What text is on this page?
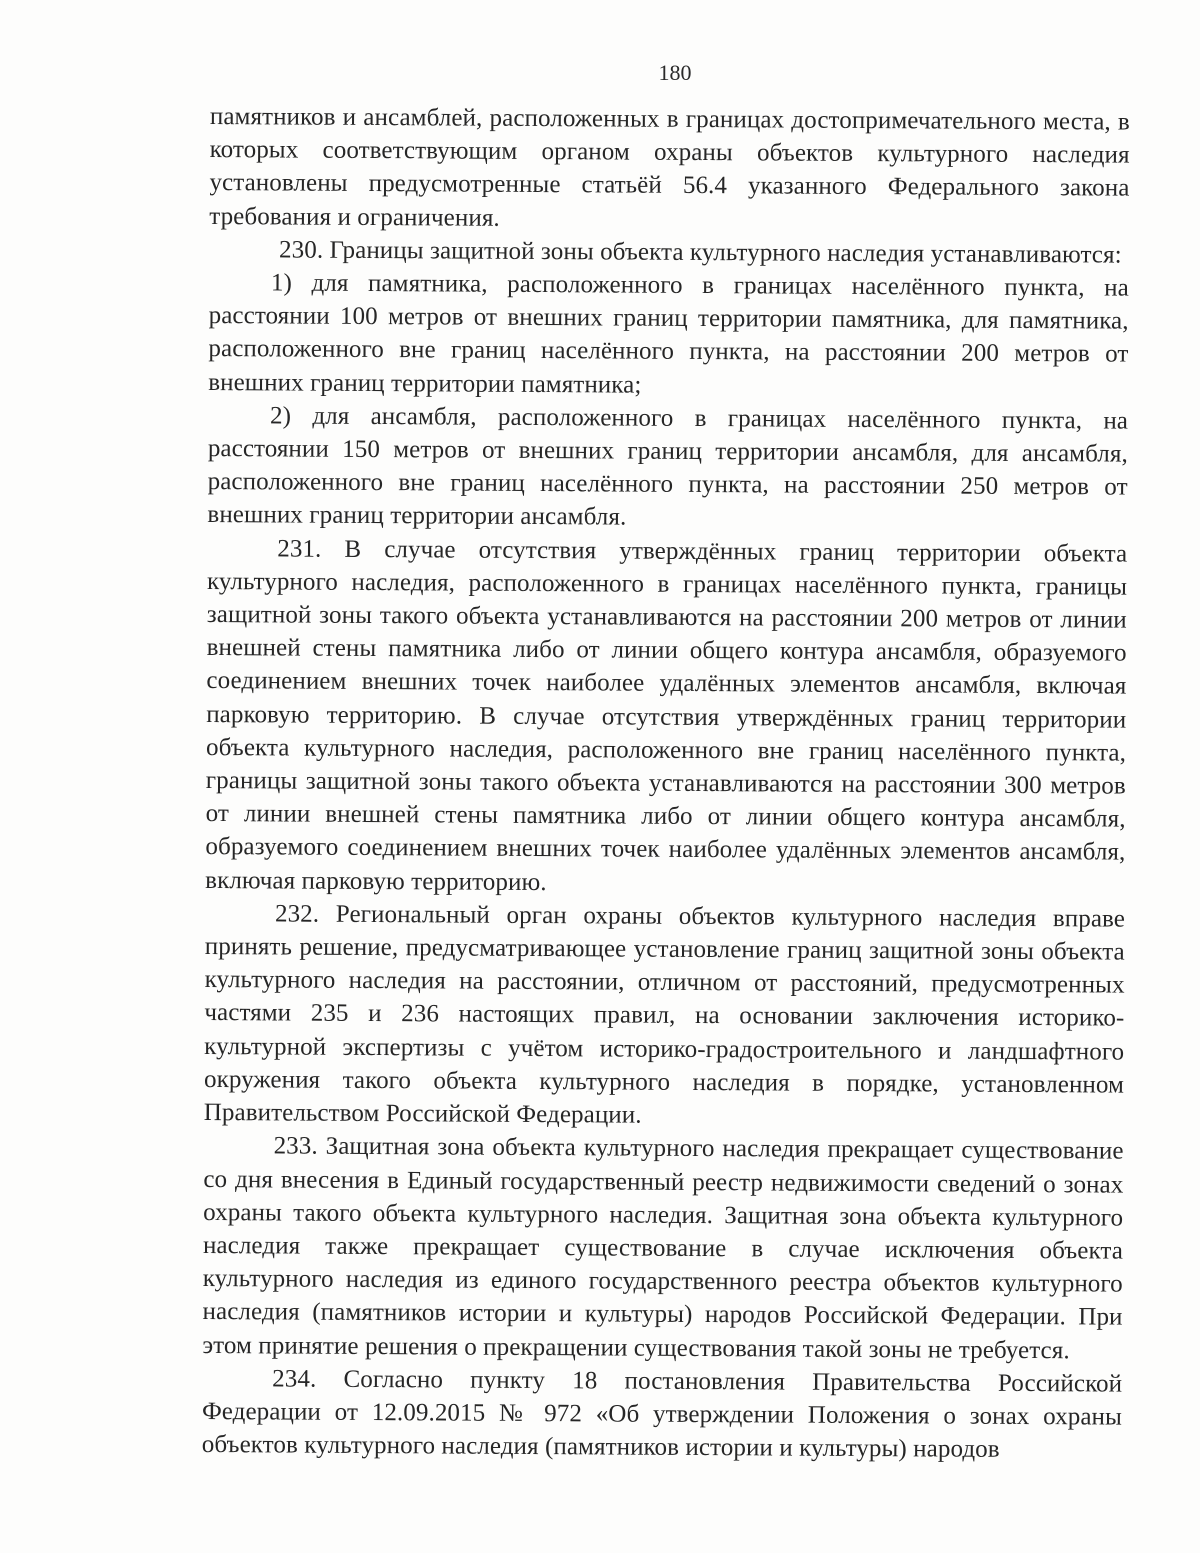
180

памятников и ансамблей, расположенных в границах достопримечательного места, в которых соответствующим органом охраны объектов культурного наследия установлены предусмотренные статьёй 56.4 указанного Федерального закона требования и ограничения.

230. Границы защитной зоны объекта культурного наследия устанавливаются:

1) для памятника, расположенного в границах населённого пункта, на расстоянии 100 метров от внешних границ территории памятника, для памятника, расположенного вне границ населённого пункта, на расстоянии 200 метров от внешних границ территории памятника;

2) для ансамбля, расположенного в границах населённого пункта, на расстоянии 150 метров от внешних границ территории ансамбля, для ансамбля, расположенного вне границ населённого пункта, на расстоянии 250 метров от внешних границ территории ансамбля.

231. В случае отсутствия утверждённых границ территории объекта культурного наследия, расположенного в границах населённого пункта, границы защитной зоны такого объекта устанавливаются на расстоянии 200 метров от линии внешней стены памятника либо от линии общего контура ансамбля, образуемого соединением внешних точек наиболее удалённых элементов ансамбля, включая парковую территорию. В случае отсутствия утверждённых границ территории объекта культурного наследия, расположенного вне границ населённого пункта, границы защитной зоны такого объекта устанавливаются на расстоянии 300 метров от линии внешней стены памятника либо от линии общего контура ансамбля, образуемого соединением внешних точек наиболее удалённых элементов ансамбля, включая парковую территорию.

232. Региональный орган охраны объектов культурного наследия вправе принять решение, предусматривающее установление границ защитной зоны объекта культурного наследия на расстоянии, отличном от расстояний, предусмотренных частями 235 и 236 настоящих правил, на основании заключения историко-культурной экспертизы с учётом историко-градостроительного и ландшафтного окружения такого объекта культурного наследия в порядке, установленном Правительством Российской Федерации.

233. Защитная зона объекта культурного наследия прекращает существование со дня внесения в Единый государственный реестр недвижимости сведений о зонах охраны такого объекта культурного наследия. Защитная зона объекта культурного наследия также прекращает существование в случае исключения объекта культурного наследия из единого государственного реестра объектов культурного наследия (памятников истории и культуры) народов Российской Федерации. При этом принятие решения о прекращении существования такой зоны не требуется.

234. Согласно пункту 18 постановления Правительства Российской Федерации от 12.09.2015 № 972 «Об утверждении Положения о зонах охраны объектов культурного наследия (памятников истории и культуры) народов
